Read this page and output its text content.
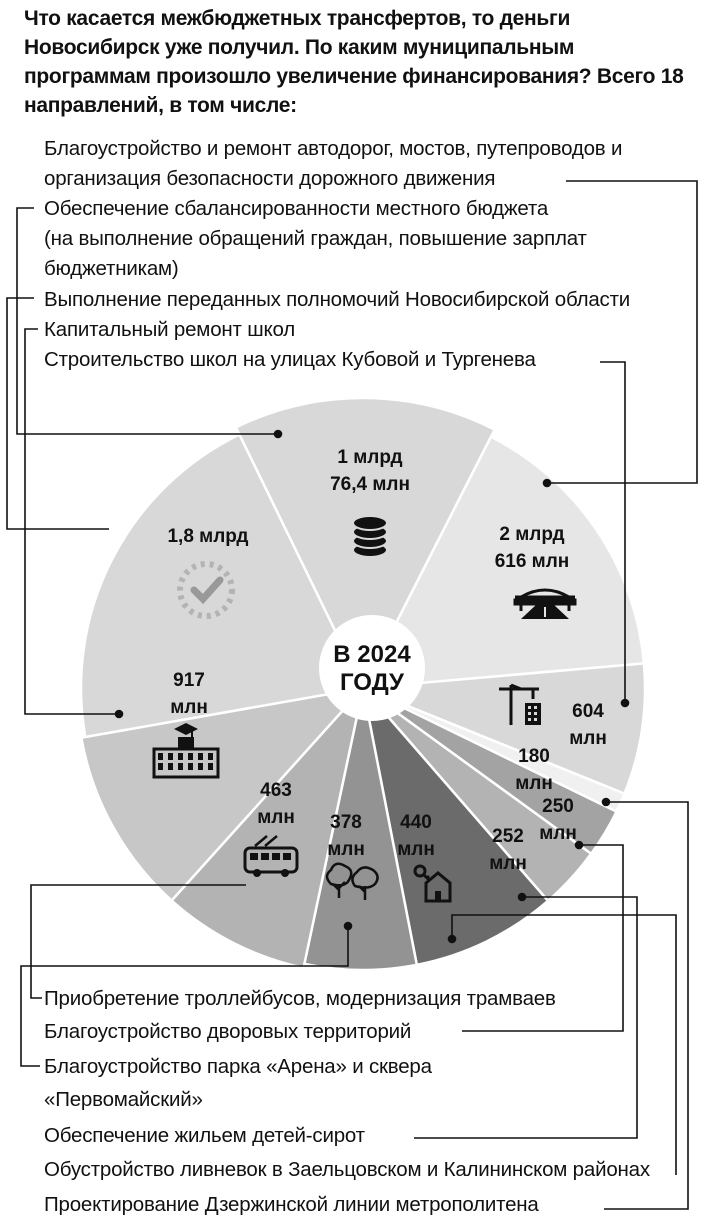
Что касается межбюджетных трансфертов, то деньги Новосибирск уже получил. По каким муниципальным программам произошло увеличение финансирования? Всего 18 направлений, в том числе:

Благоустройство и ремонт автодорог, мостов, путепроводов и
организация безопасности дорожного движения
Обеспечение сбалансированности местного бюджета
(на выполнение обращений граждан, повышение зарплат
бюджетникам)
Выполнение переданных полномочий Новосибирской области
Капитальный ремонт школ
Строительство школ на улицах Кубовой и Тургенева
Приобретение троллейбусов, модернизация трамваев
Благоустройство дворовых территорий
Благоустройство парка «Арена» и сквера
«Первомайский»
Обеспечение жильем детей-сирот
Обустройство ливневок в Заельцовском и Калининском районах
Проектирование Дзержинской линии метрополитена
1 млрд
76,4 млн
2 млрд
616 млн
604
млн
180
млн
250
млн
252
млн
440
млн
378
млн
463
млн
917
млн
1,8 млрд
В 2024
ГОДУ
